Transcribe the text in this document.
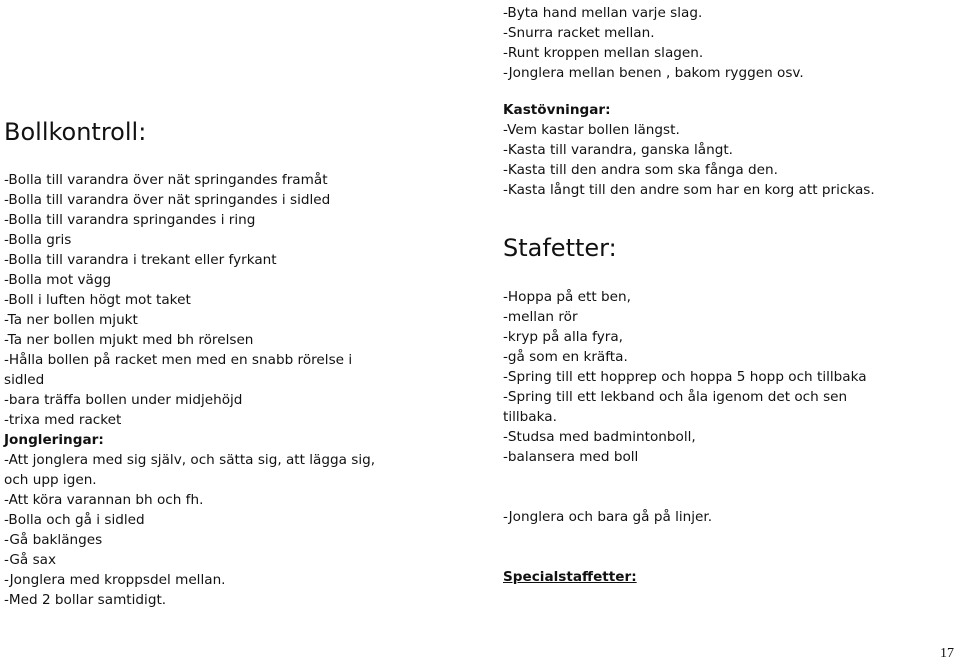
Bollkontroll:
-Bolla till varandra över nät springandes framåt
-Bolla till varandra över nät springandes i sidled
-Bolla till varandra springandes i ring
-Bolla gris
-Bolla till varandra i trekant eller fyrkant
-Bolla mot vägg
-Boll i luften högt mot taket
-Ta ner bollen mjukt
-Ta ner bollen mjukt med bh rörelsen
-Hålla bollen på racket men med en snabb rörelse i
sidled
-bara träffa bollen under midjehöjd
-trixa med racket
Jongleringar:
-Att jonglera med sig själv, och sätta sig, att lägga sig,
och upp igen.
-Att köra varannan bh och fh.
-Bolla och gå i sidled
-Gå baklänges
-Gå sax
-Jonglera med kroppsdel mellan.
-Med 2 bollar samtidigt.
-Byta hand mellan varje slag.
-Snurra racket mellan.
-Runt kroppen mellan slagen.
-Jonglera mellan benen , bakom ryggen osv.
Kastövningar:
-Vem kastar bollen längst.
-Kasta till varandra, ganska långt.
-Kasta till den andra som ska fånga den.
-Kasta långt till den andre som har en korg att prickas.
Stafetter:
-Hoppa på ett ben,
-mellan rör
-kryp på alla fyra,
-gå som en kräfta.
-Spring till ett hopprep och hoppa 5 hopp och tillbaka
-Spring till ett lekband och åla igenom det och sen
tillbaka.
-Studsa med badmintonboll,
-balansera med boll
-Jonglera och bara gå på linjer.
Specialstaffetter:
17
